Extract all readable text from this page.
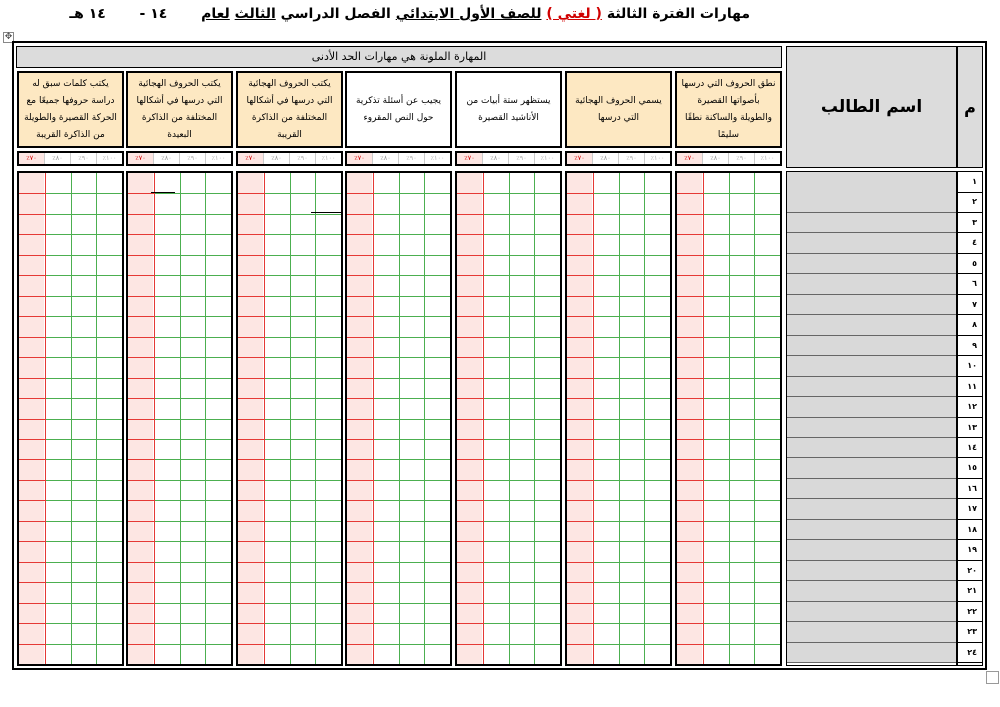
مهارات الفترة الثالثة ( لغتي ) للصف الأول الابتدائي الفصل الدراسي الثالث لعام  ١٤ -  ١٤ هـ
✥
المهارة الملونة هي مهارات الحد الأدنى
اسم الطالب	م
نطق الحروف التي درسها بأصواتها القصيرة والطويلة والساكنة نطقًا سليمًا
٪١٠٠
٪٩٠
٪٨٠
٪٧٠
يسمي الحروف الهجائية التي درسها
٪١٠٠
٪٩٠
٪٨٠
٪٧٠
يستظهر ستة أبيات من الأناشيد القصيرة
٪١٠٠
٪٩٠
٪٨٠
٪٧٠
يجيب عن أسئلة تذكرية حول النص المقروء
٪١٠٠
٪٩٠
٪٨٠
٪٧٠
يكتب الحروف الهجائية التي درسها في أشكالها المختلفة من الذاكرة القريبة
٪١٠٠
٪٩٠
٪٨٠
٪٧٠
يكتب الحروف الهجائية التي درسها في أشكالها المختلفة من الذاكرة البعيدة
٪١٠٠
٪٩٠
٪٨٠
٪٧٠
يكتب كلمات سبق له دراسة حروفها جميعًا مع الحركة القصيرة والطويلة من الذاكرة القريبة
٪١٠٠
٪٩٠
٪٨٠
٪٧٠
١
٢
٣
٤
٥
٦
٧
٨
٩
١٠
١١
١٢
١٣
١٤
١٥
١٦
١٧
١٨
١٩
٢٠
٢١
٢٢
٢٣
٢٤
